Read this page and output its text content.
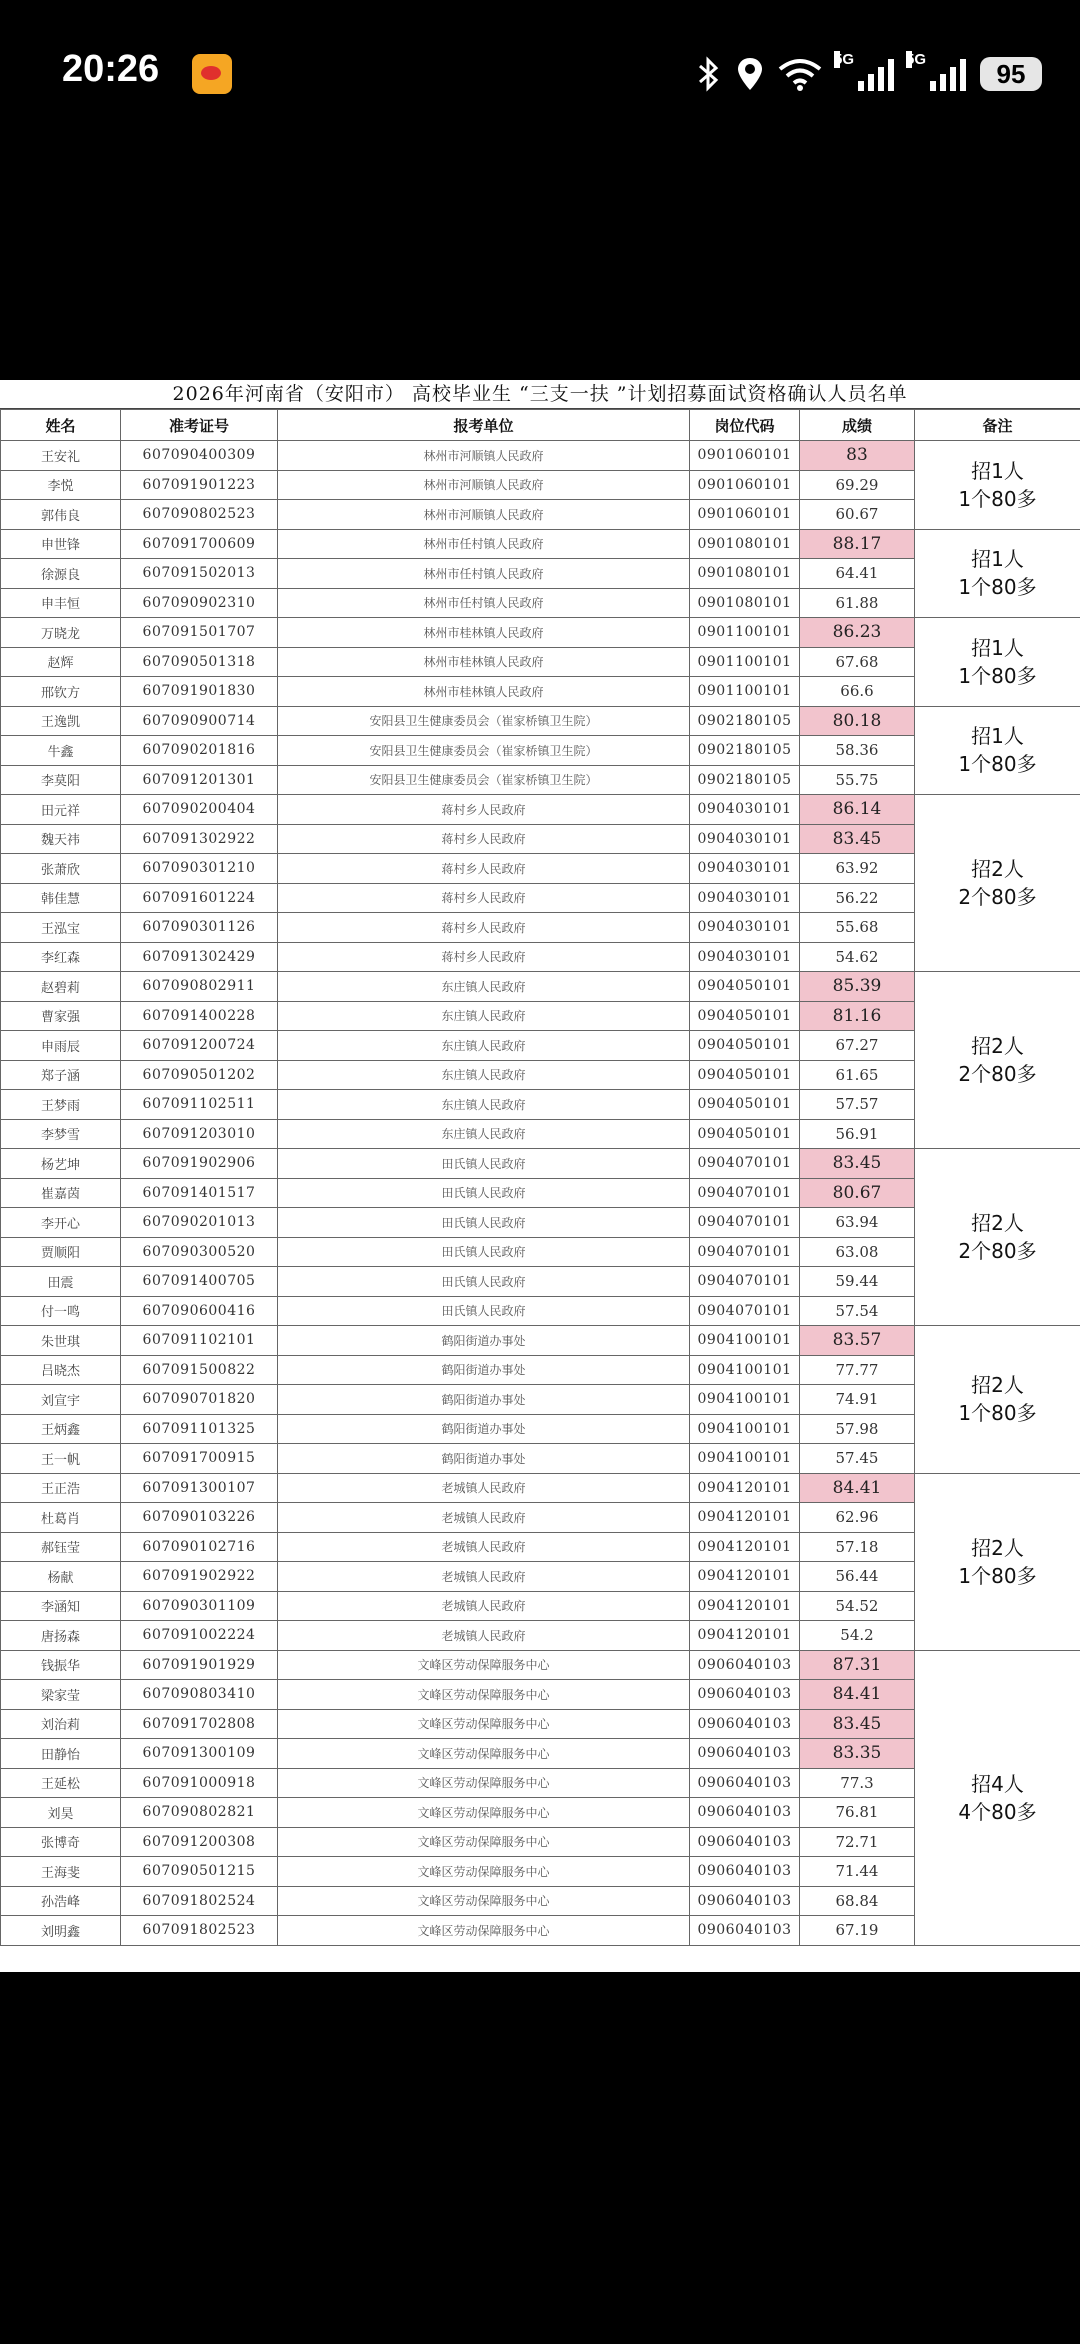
20:26	5G	5G	95
2026年河南省（安阳市） 高校毕业生 “三支一扶 ”计划招募面试资格确认人员名单
姓名	准考证号	报考单位	岗位代码	成绩	备注
王安礼	607090400309	林州市河顺镇人民政府	0901060101	83	招1人
1个80多

李悦	607091901223	林州市河顺镇人民政府	0901060101	69.29	
郭伟良	607090802523	林州市河顺镇人民政府	0901060101	60.67	
申世锋	607091700609	林州市任村镇人民政府	0901080101	88.17	招1人
1个80多

徐源良	607091502013	林州市任村镇人民政府	0901080101	64.41	
申丰恒	607090902310	林州市任村镇人民政府	0901080101	61.88	
万晓龙	607091501707	林州市桂林镇人民政府	0901100101	86.23	招1人
1个80多

赵辉	607090501318	林州市桂林镇人民政府	0901100101	67.68	
邢钦方	607091901830	林州市桂林镇人民政府	0901100101	66.6	
王逸凯	607090900714	安阳县卫生健康委员会（崔家桥镇卫生院）	0902180105	80.18	招1人
1个80多

牛鑫	607090201816	安阳县卫生健康委员会（崔家桥镇卫生院）	0902180105	58.36	
李莫阳	607091201301	安阳县卫生健康委员会（崔家桥镇卫生院）	0902180105	55.75	
田元祥	607090200404	蒋村乡人民政府	0904030101	86.14	招2人
2个80多

魏天祎	607091302922	蒋村乡人民政府	0904030101	83.45	
张萧欣	607090301210	蒋村乡人民政府	0904030101	63.92	
韩佳慧	607091601224	蒋村乡人民政府	0904030101	56.22	
王泓宝	607090301126	蒋村乡人民政府	0904030101	55.68	
李红森	607091302429	蒋村乡人民政府	0904030101	54.62	
赵碧莉	607090802911	东庄镇人民政府	0904050101	85.39	招2人
2个80多

曹家强	607091400228	东庄镇人民政府	0904050101	81.16	
申雨辰	607091200724	东庄镇人民政府	0904050101	67.27	
郑子涵	607090501202	东庄镇人民政府	0904050101	61.65	
王梦雨	607091102511	东庄镇人民政府	0904050101	57.57	
李梦雪	607091203010	东庄镇人民政府	0904050101	56.91	
杨艺坤	607091902906	田氏镇人民政府	0904070101	83.45	招2人
2个80多

崔嘉茵	607091401517	田氏镇人民政府	0904070101	80.67	
李开心	607090201013	田氏镇人民政府	0904070101	63.94	
贾顺阳	607090300520	田氏镇人民政府	0904070101	63.08	
田震	607091400705	田氏镇人民政府	0904070101	59.44	
付一鸣	607090600416	田氏镇人民政府	0904070101	57.54	
朱世琪	607091102101	鹤阳街道办事处	0904100101	83.57	招2人
1个80多

吕晓杰	607091500822	鹤阳街道办事处	0904100101	77.77	
刘宣宇	607090701820	鹤阳街道办事处	0904100101	74.91	
王炳鑫	607091101325	鹤阳街道办事处	0904100101	57.98	
王一帆	607091700915	鹤阳街道办事处	0904100101	57.45	
王正浩	607091300107	老城镇人民政府	0904120101	84.41	招2人
1个80多

杜葛肖	607090103226	老城镇人民政府	0904120101	62.96	
郝钰莹	607090102716	老城镇人民政府	0904120101	57.18	
杨献	607091902922	老城镇人民政府	0904120101	56.44	
李涵知	607090301109	老城镇人民政府	0904120101	54.52	
唐扬森	607091002224	老城镇人民政府	0904120101	54.2	
钱振华	607091901929	文峰区劳动保障服务中心	0906040103	87.31	招4人
4个80多

梁家莹	607090803410	文峰区劳动保障服务中心	0906040103	84.41	
刘治莉	607091702808	文峰区劳动保障服务中心	0906040103	83.45	
田静怡	607091300109	文峰区劳动保障服务中心	0906040103	83.35	
王延松	607091000918	文峰区劳动保障服务中心	0906040103	77.3	
刘昊	607090802821	文峰区劳动保障服务中心	0906040103	76.81	
张博奇	607091200308	文峰区劳动保障服务中心	0906040103	72.71	
王海斐	607090501215	文峰区劳动保障服务中心	0906040103	71.44	
孙浩峰	607091802524	文峰区劳动保障服务中心	0906040103	68.84	
刘明鑫	607091802523	文峰区劳动保障服务中心	0906040103	67.19	
